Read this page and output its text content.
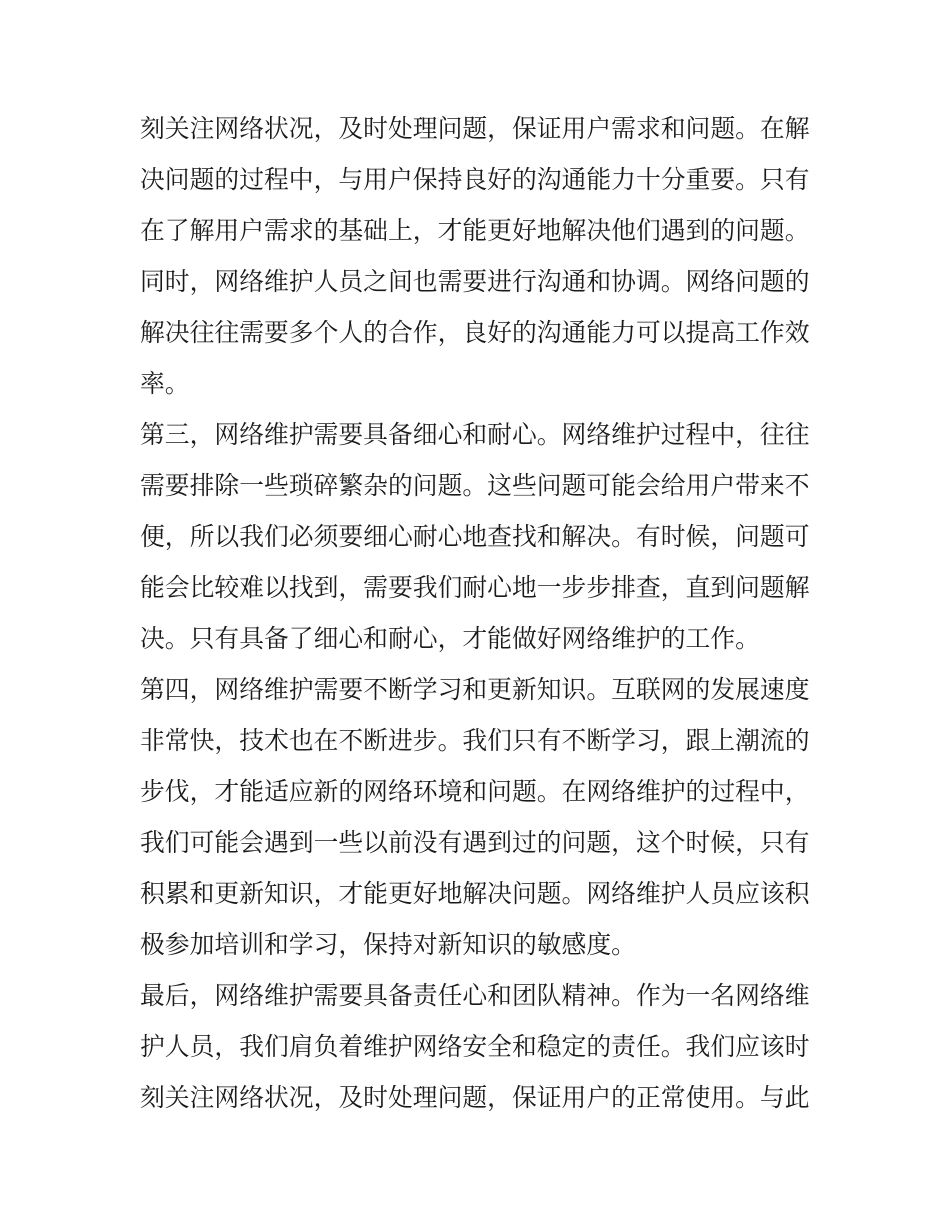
刻关注网络状况，及时处理问题，保证用户需求和问题。在解
决问题的过程中，与用户保持良好的沟通能力十分重要。只有
在了解用户需求的基础上，才能更好地解决他们遇到的问题。
同时，网络维护人员之间也需要进行沟通和协调。网络问题的
解决往往需要多个人的合作，良好的沟通能力可以提高工作效
率。
第三，网络维护需要具备细心和耐心。网络维护过程中，往往
需要排除一些琐碎繁杂的问题。这些问题可能会给用户带来不
便，所以我们必须要细心耐心地查找和解决。有时候，问题可
能会比较难以找到，需要我们耐心地一步步排查，直到问题解
决。只有具备了细心和耐心，才能做好网络维护的工作。
第四，网络维护需要不断学习和更新知识。互联网的发展速度
非常快，技术也在不断进步。我们只有不断学习，跟上潮流的
步伐，才能适应新的网络环境和问题。在网络维护的过程中，
我们可能会遇到一些以前没有遇到过的问题，这个时候，只有
积累和更新知识，才能更好地解决问题。网络维护人员应该积
极参加培训和学习，保持对新知识的敏感度。
最后，网络维护需要具备责任心和团队精神。作为一名网络维
护人员，我们肩负着维护网络安全和稳定的责任。我们应该时
刻关注网络状况，及时处理问题，保证用户的正常使用。与此
